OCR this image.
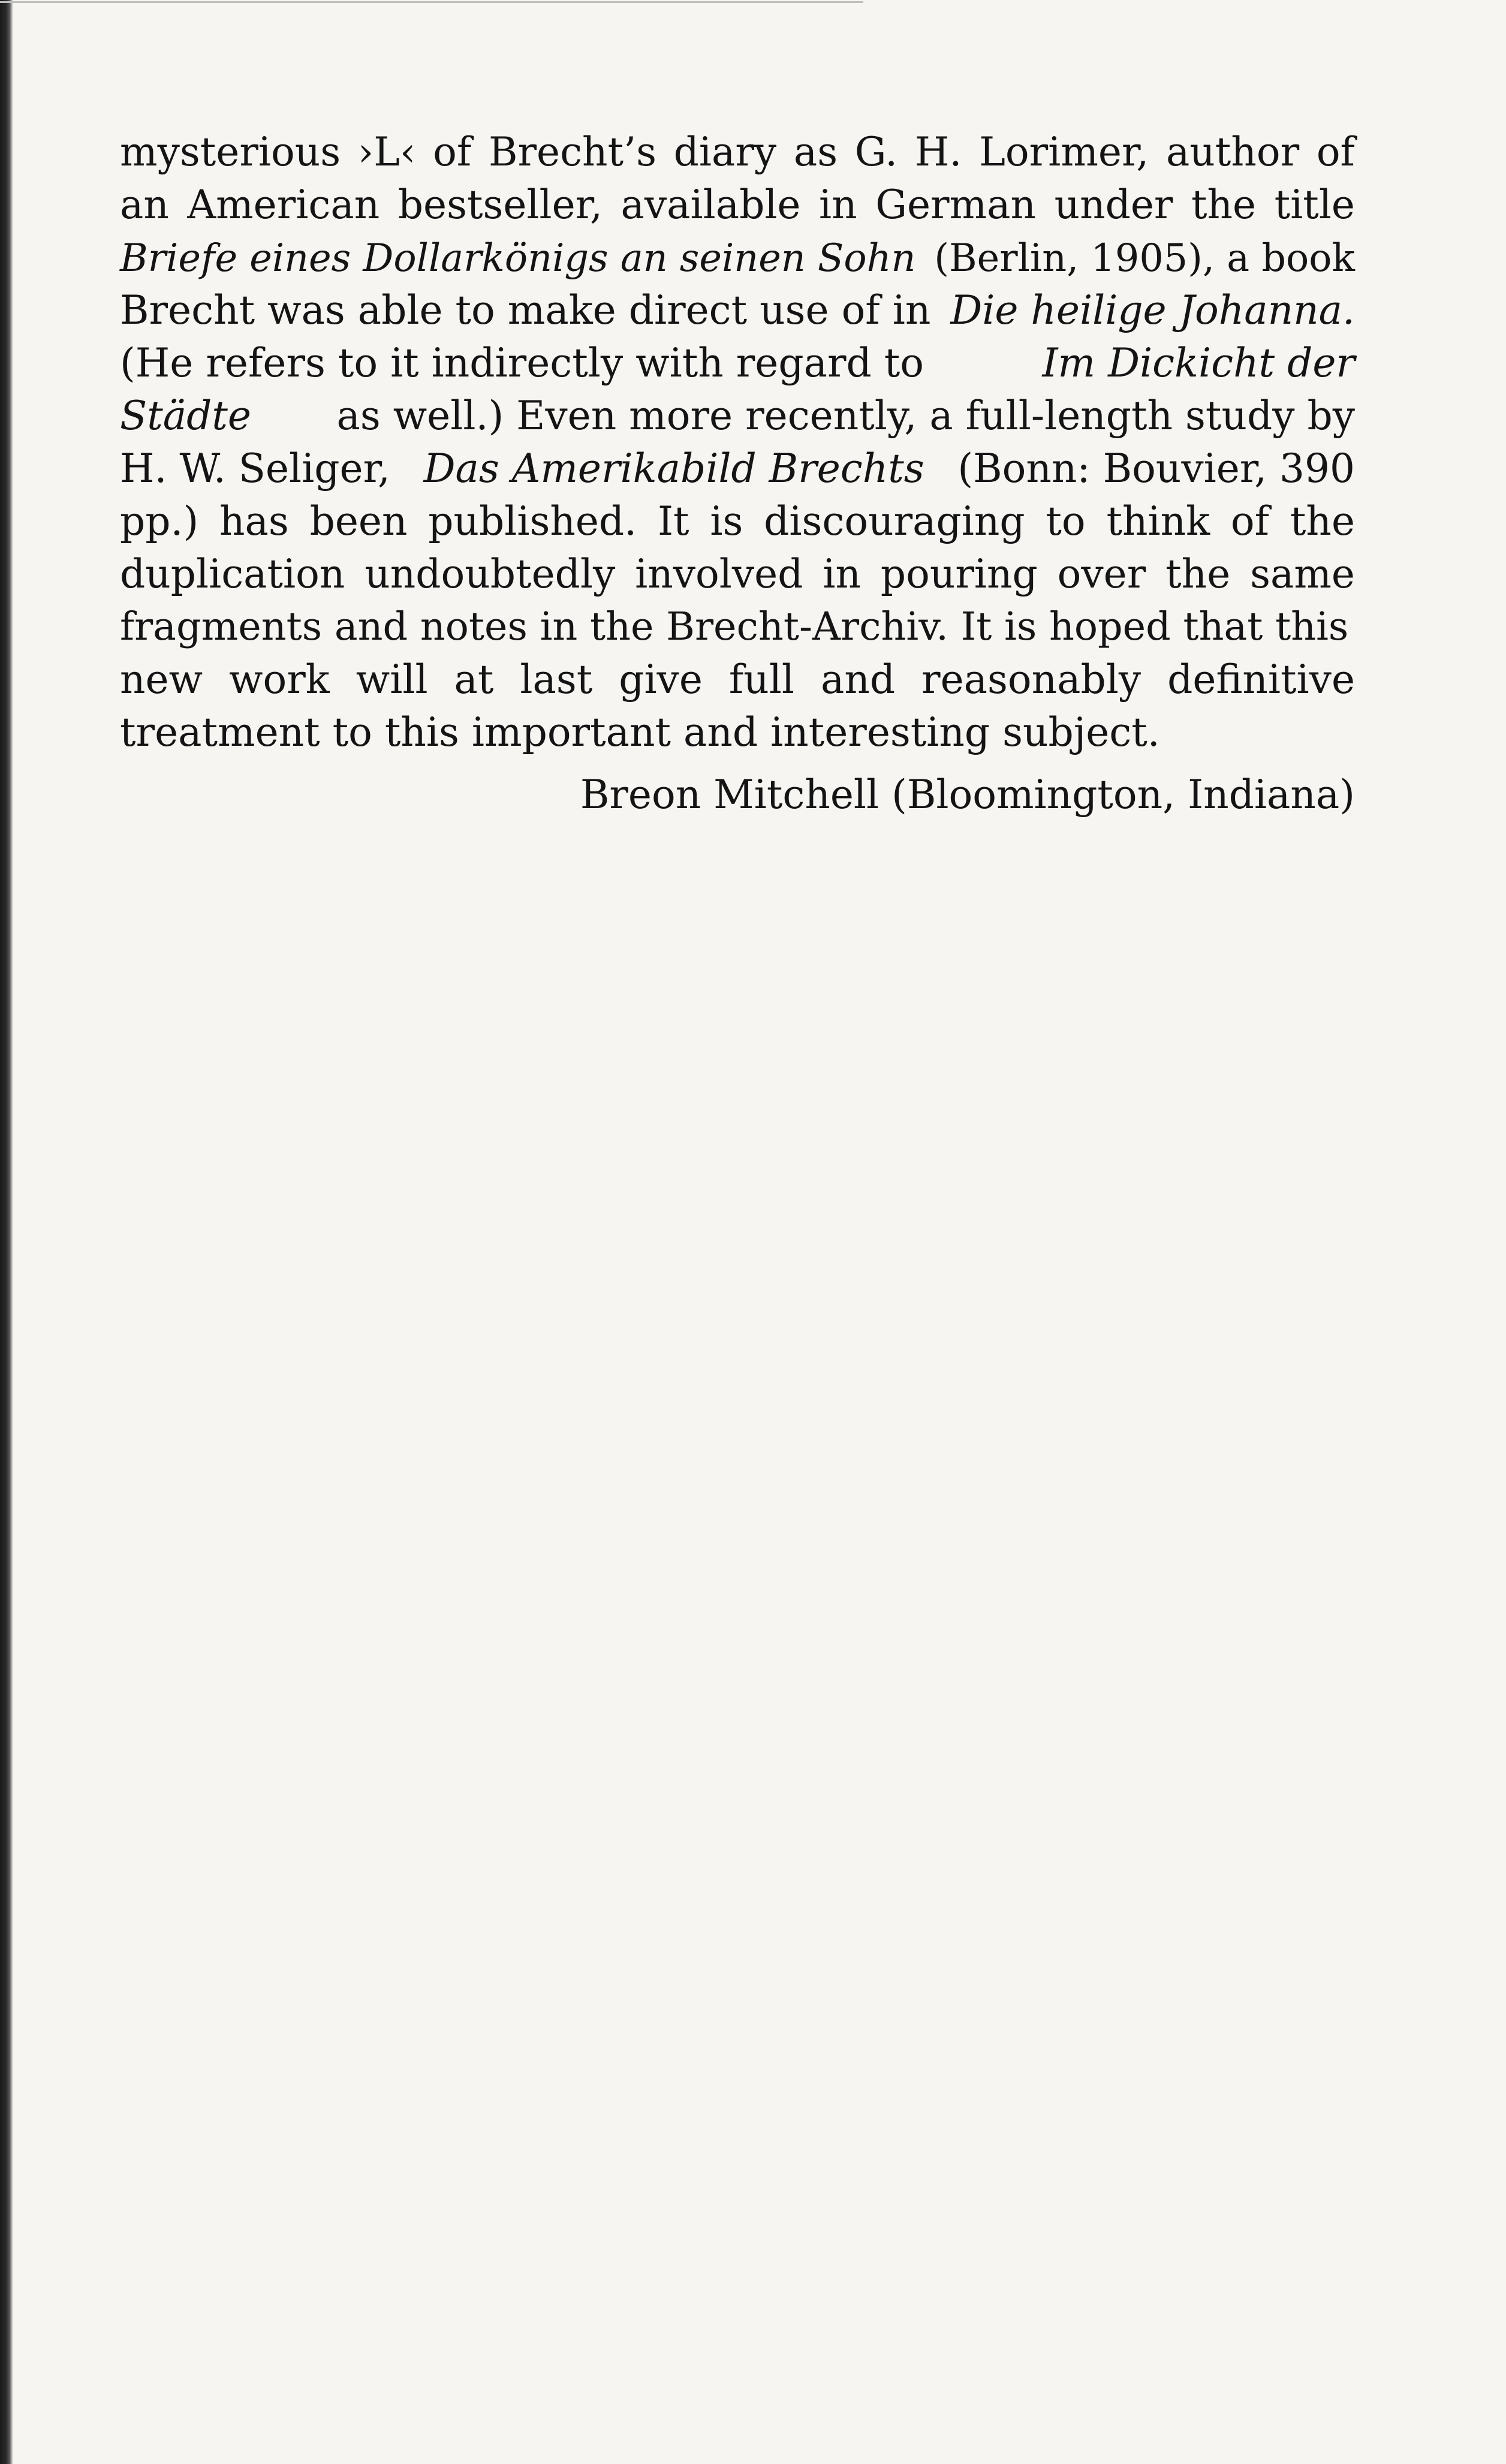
mysterious ›L‹ of Brecht’s diary as G. H. Lorimer, author of
an American bestseller, available in German under the title
Briefe eines Dollarkönigs an seinen Sohn (Berlin, 1905), a book
Brecht was able to make direct use of in Die heilige Johanna.
(He refers to it indirectly with regard to	Im Dickicht der
Städte as well.) Even more recently, a full-length study by
H. W. Seliger, Das Amerikabild Brechts (Bonn: Bouvier, 390
pp.) has been published. It is discouraging to think of the
duplication undoubtedly involved in pouring over the same
fragments and notes in the Brecht-Archiv. It is hoped that this
new work will at last give full and reasonably definitive
treatment to this important and interesting subject.
Breon Mitchell (Bloomington, Indiana)
